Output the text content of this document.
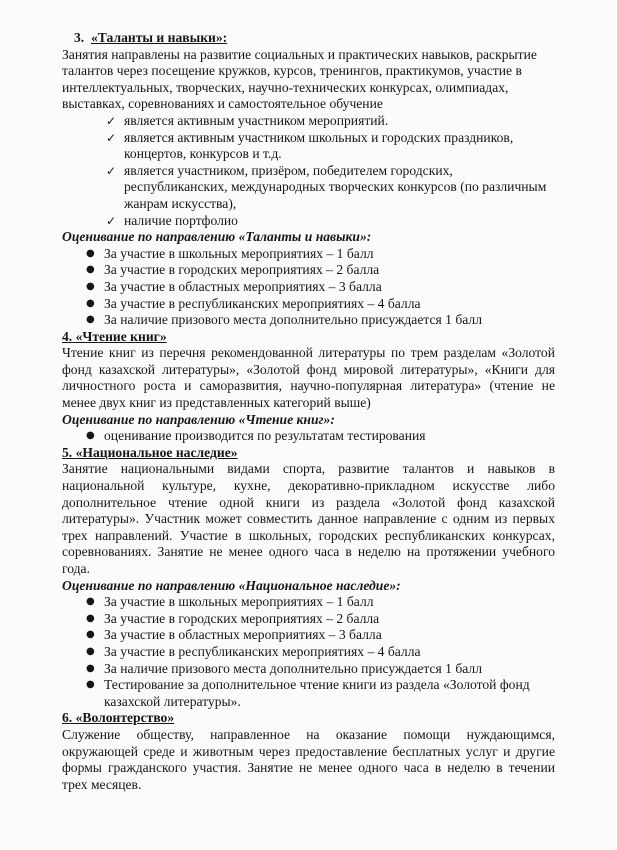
3. «Таланты и навыки»:
Занятия направлены на развитие социальных и практических навыков, раскрытие талантов через посещение кружков, курсов, тренингов, практикумов, участие в интеллектуальных, творческих, научно-технических конкурсах, олимпиадах, выставках, соревнованиях и самостоятельное обучение
✓ является активным участником мероприятий.
✓ является активным участником школьных и городских праздников, концертов, конкурсов и т.д.
✓ является участником, призёром, победителем городских, республиканских, международных творческих конкурсов (по различным жанрам искусства),
✓ наличие портфолио
Оценивание по направлению «Таланты и навыки»:
● За участие в школьных мероприятиях – 1 балл
● За участие в городских мероприятиях – 2 балла
● За участие в областных мероприятиях – 3 балла
● За участие в республиканских мероприятиях – 4 балла
● За наличие призового места дополнительно присуждается 1 балл
4. «Чтение книг»
Чтение книг из перечня рекомендованной литературы по трем разделам «Золотой фонд казахской литературы», «Золотой фонд мировой литературы», «Книги для личностного роста и саморазвития, научно-популярная литература» (чтение не менее двух книг из представленных категорий выше)
Оценивание по направлению «Чтение книг»:
● оценивание производится по результатам тестирования
5. «Национальное наследие»
Занятие национальными видами спорта, развитие талантов и навыков в национальной культуре, кухне, декоративно-прикладном искусстве либо дополнительное чтение одной книги из раздела «Золотой фонд казахской литературы». Участник может совместить данное направление с одним из первых трех направлений. Участие в школьных, городских республиканских конкурсах, соревнованиях. Занятие не менее одного часа в неделю на протяжении учебного года.
Оценивание по направлению «Национальное наследие»:
● За участие в школьных мероприятиях – 1 балл
● За участие в городских мероприятиях – 2 балла
● За участие в областных мероприятиях – 3 балла
● За участие в республиканских мероприятиях – 4 балла
● За наличие призового места дополнительно присуждается 1 балл
● Тестирование за дополнительное чтение книги из раздела «Золотой фонд казахской литературы».
6. «Волонтерство»
Служение обществу, направленное на оказание помощи нуждающимся, окружающей среде и животным через предоставление бесплатных услуг и другие формы гражданского участия. Занятие не менее одного часа в неделю в течении трех месяцев.
